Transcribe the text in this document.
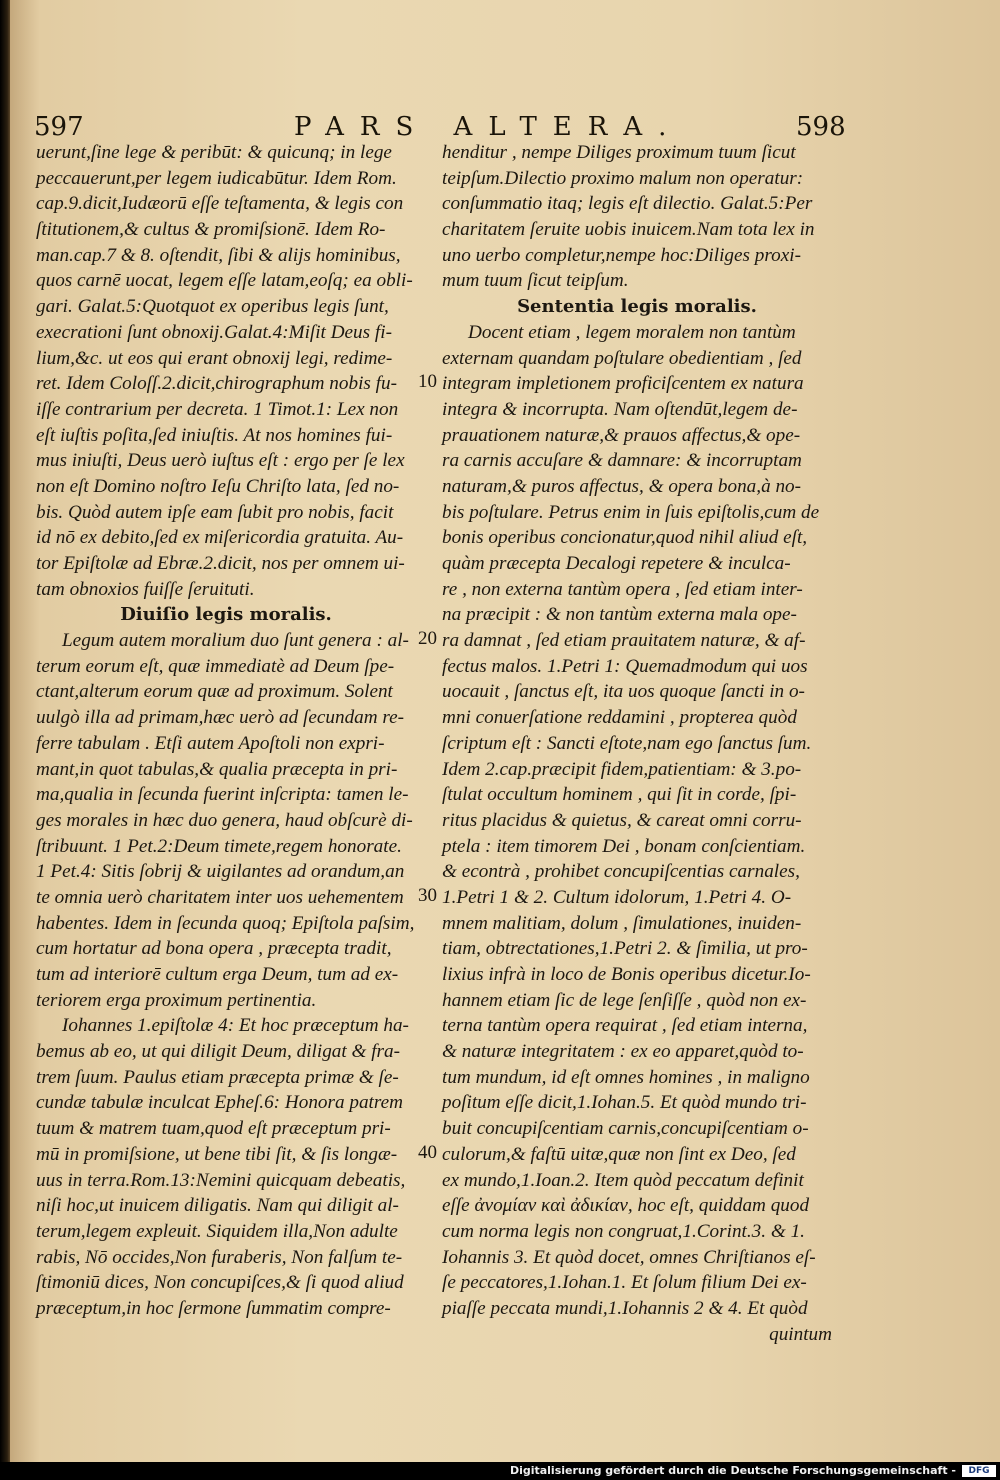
597	PARS ALTERA.	598
uerunt,ſine lege & peribūt: & quicunq; in lege
peccauerunt,per legem iudicabūtur. Idem Rom.
cap.9.dicit,Iudæorū eſſe teſtamenta, & legis con
ſtitutionem,& cultus & promiſsionē. Idem Ro-
man.cap.7 & 8. oſtendit, ſibi & alijs hominibus,
quos carnē uocat, legem eſſe latam,eoſq; ea obli-
gari. Galat.5:Quotquot ex operibus legis ſunt,
execrationi ſunt obnoxij.Galat.4:Miſit Deus fi-
lium,&c. ut eos qui erant obnoxij legi, redime-
ret. Idem Coloſſ.2.dicit,chirographum nobis fu-
iſſe contrarium per decreta. 1 Timot.1: Lex non
eſt iuſtis poſita,ſed iniuſtis. At nos homines fui-
mus iniuſti, Deus uerò iuſtus eſt : ergo per ſe lex
non eſt Domino noſtro Ieſu Chriſto lata, ſed no-
bis. Quòd autem ipſe eam ſubit pro nobis, facit
id nō ex debito,ſed ex miſericordia gratuita. Au-
tor Epiſtolæ ad Ebræ.2.dicit, nos per omnem ui-
tam obnoxios fuiſſe ſeruituti.
Diuiſio legis moralis.
Legum autem moralium duo ſunt genera : al-
terum eorum eſt, quæ immediatè ad Deum ſpe-
ctant,alterum eorum quæ ad proximum. Solent
uulgò illa ad primam,hæc uerò ad ſecundam re-
ferre tabulam . Etſi autem Apoſtoli non expri-
mant,in quot tabulas,& qualia præcepta in pri-
ma,qualia in ſecunda fuerint inſcripta: tamen le-
ges morales in hæc duo genera, haud obſcurè di-
ſtribuunt. 1 Pet.2:Deum timete,regem honorate.
1 Pet.4: Sitis ſobrij & uigilantes ad orandum,an
te omnia uerò charitatem inter uos uehementem
habentes. Idem in ſecunda quoq; Epiſtola paſsim,
cum hortatur ad bona opera , præcepta tradit,
tum ad interiorē cultum erga Deum, tum ad ex-
teriorem erga proximum pertinentia.
Iohannes 1.epiſtolæ 4: Et hoc præceptum ha-
bemus ab eo, ut qui diligit Deum, diligat & fra-
trem ſuum. Paulus etiam præcepta primæ & ſe-
cundæ tabulæ inculcat Epheſ.6: Honora patrem
tuum & matrem tuam,quod eſt præceptum pri-
mū in promiſsione, ut bene tibi ſit, & ſis longæ-
uus in terra.Rom.13:Nemini quicquam debeatis,
niſi hoc,ut inuicem diligatis. Nam qui diligit al-
terum,legem expleuit. Siquidem illa,Non adulte
rabis, Nō occides,Non furaberis, Non falſum te-
ſtimoniū dices, Non concupiſces,& ſi quod aliud
præceptum,in hoc ſermone ſummatim compre-
henditur , nempe Diliges proximum tuum ſicut
teipſum.Dilectio proximo malum non operatur:
conſummatio itaq; legis eſt dilectio. Galat.5:Per
charitatem ſeruite uobis inuicem.Nam tota lex in
uno uerbo completur,nempe hoc:Diliges proxi-
mum tuum ſicut teipſum.
Sententia legis moralis.
Docent etiam , legem moralem non tantùm
externam quandam poſtulare obedientiam , ſed
integram impletionem proficiſcentem ex natura
integra & incorrupta. Nam oſtendūt,legem de-
prauationem naturæ,& prauos affectus,& ope-
ra carnis accuſare & damnare: & incorruptam
naturam,& puros affectus, & opera bona,à no-
bis poſtulare. Petrus enim in ſuis epiſtolis,cum de
bonis operibus concionatur,quod nihil aliud eſt,
quàm præcepta Decalogi repetere & inculca-
re , non externa tantùm opera , ſed etiam inter-
na præcipit : & non tantùm externa mala ope-
ra damnat , ſed etiam prauitatem naturæ, & af-
fectus malos. 1.Petri 1: Quemadmodum qui uos
uocauit , ſanctus eſt, ita uos quoque ſancti in o-
mni conuerſatione reddamini , propterea quòd
ſcriptum eſt : Sancti eſtote,nam ego ſanctus ſum.
Idem 2.cap.præcipit fidem,patientiam: & 3.po-
ſtulat occultum hominem , qui ſit in corde, ſpi-
ritus placidus & quietus, & careat omni corru-
ptela : item timorem Dei , bonam conſcientiam.
& econtrà , prohibet concupiſcentias carnales,
1.Petri 1 & 2. Cultum idolorum, 1.Petri 4. O-
mnem malitiam, dolum , ſimulationes, inuiden-
tiam, obtrectationes,1.Petri 2. & ſimilia, ut pro-
lixius infrà in loco de Bonis operibus dicetur.Io-
hannem etiam ſic de lege ſenſiſſe , quòd non ex-
terna tantùm opera requirat , ſed etiam interna,
& naturæ integritatem : ex eo apparet,quòd to-
tum mundum, id eſt omnes homines , in maligno
poſitum eſſe dicit,1.Iohan.5. Et quòd mundo tri-
buit concupiſcentiam carnis,concupiſcentiam o-
culorum,& faſtū uitæ,quæ non ſint ex Deo, ſed
ex mundo,1.Ioan.2. Item quòd peccatum definit
eſſe ἀνομίαν καὶ ἀδικίαν, hoc eſt, quiddam quod
cum norma legis non congruat,1.Corint.3. & 1.
Iohannis 3. Et quòd docet, omnes Chriſtianos eſ-
ſe peccatores,1.Iohan.1. Et ſolum filium Dei ex-
piaſſe peccata mundi,1.Iohannis 2 & 4. Et quòd
quintum
10
20
30
40
Digitalisierung gefördert durch die Deutsche Forschungsgemeinschaft -	DFG
